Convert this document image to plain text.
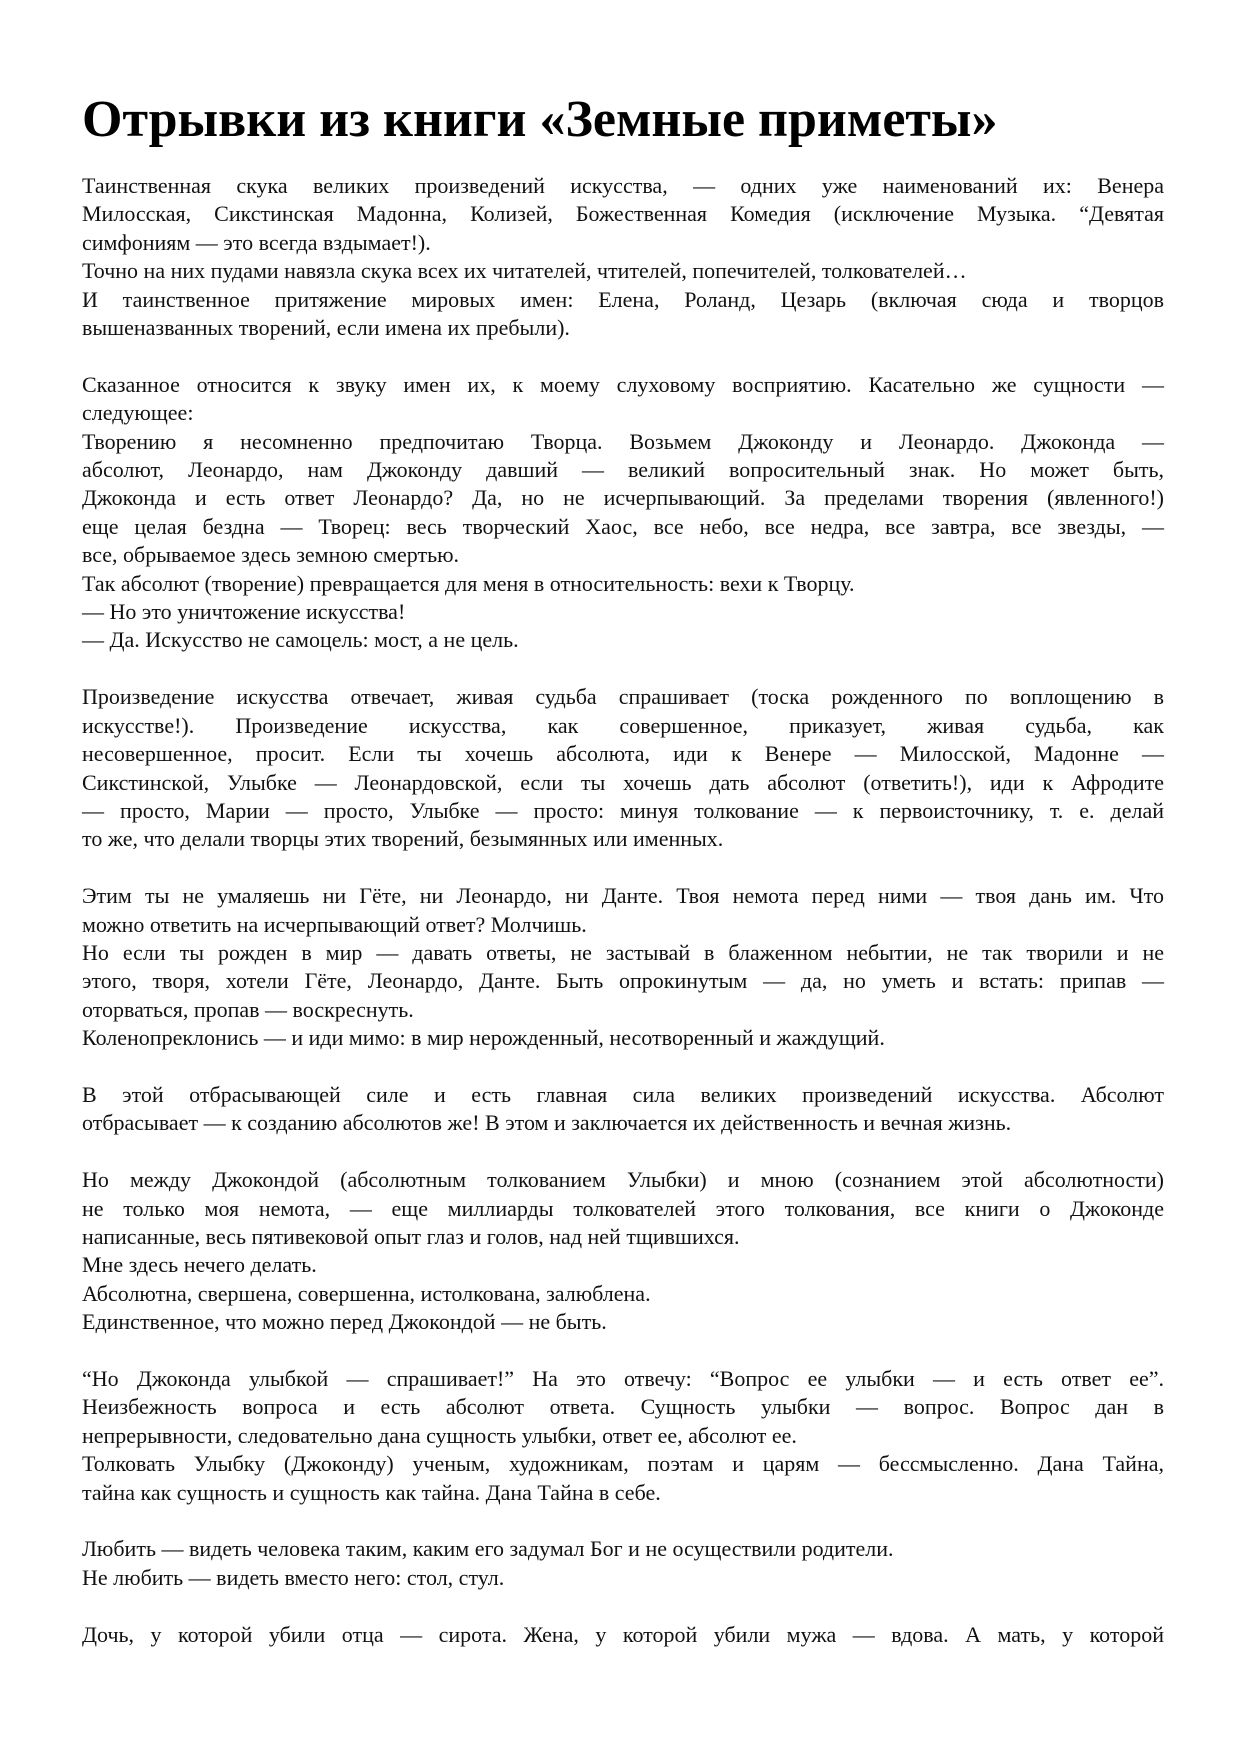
Отрывки из книги «Земные приметы»
Таинственная скука великих произведений искусства, — одних уже наименований их: Венера
Милосская, Сикстинская Мадонна, Колизей, Божественная Комедия (исключение Музыка. “Девятая
симфониям — это всегда вздымает!).
Точно на них пудами навязла скука всех их читателей, чтителей, попечителей, толкователей…
И таинственное притяжение мировых имен: Елена, Роланд, Цезарь (включая сюда и творцов
вышеназванных творений, если имена их пребыли).
Сказанное относится к звуку имен их, к моему слуховому восприятию. Касательно же сущности —
следующее:
Творению я несомненно предпочитаю Творца. Возьмем Джоконду и Леонардо. Джоконда —
абсолют, Леонардо, нам Джоконду давший — великий вопросительный знак. Но может быть,
Джоконда и есть ответ Леонардо? Да, но не исчерпывающий. За пределами творения (явленного!)
еще целая бездна — Творец: весь творческий Хаос, все небо, все недра, все завтра, все звезды, —
все, обрываемое здесь земною смертью.
Так абсолют (творение) превращается для меня в относительность: вехи к Творцу.
— Но это уничтожение искусства!
— Да. Искусство не самоцель: мост, а не цель.
Произведение искусства отвечает, живая судьба спрашивает (тоска рожденного по воплощению в
искусстве!). Произведение искусства, как совершенное, приказует, живая судьба, как
несовершенное, просит. Если ты хочешь абсолюта, иди к Венере — Милосской, Мадонне —
Сикстинской, Улыбке — Леонардовской, если ты хочешь дать абсолют (ответить!), иди к Афродите
— просто, Марии — просто, Улыбке — просто: минуя толкование — к первоисточнику, т. е. делай
то же, что делали творцы этих творений, безымянных или именных.
Этим ты не умаляешь ни Гёте, ни Леонардо, ни Данте. Твоя немота перед ними — твоя дань им. Что
можно ответить на исчерпывающий ответ? Молчишь.
Но если ты рожден в мир — давать ответы, не застывай в блаженном небытии, не так творили и не
этого, творя, хотели Гёте, Леонардо, Данте. Быть опрокинутым — да, но уметь и встать: припав —
оторваться, пропав — воскреснуть.
Коленопреклонись — и иди мимо: в мир нерожденный, несотворенный и жаждущий.
В этой отбрасывающей силе и есть главная сила великих произведений искусства. Абсолют
отбрасывает — к созданию абсолютов же! В этом и заключается их действенность и вечная жизнь.
Но между Джокондой (абсолютным толкованием Улыбки) и мною (сознанием этой абсолютности)
не только моя немота, — еще миллиарды толкователей этого толкования, все книги о Джоконде
написанные, весь пятивековой опыт глаз и голов, над ней тщившихся.
Мне здесь нечего делать.
Абсолютна, свершена, совершенна, истолкована, залюблена.
Единственное, что можно перед Джокондой — не быть.
“Но Джоконда улыбкой — спрашивает!” На это отвечу: “Вопрос ее улыбки — и есть ответ ее”.
Неизбежность вопроса и есть абсолют ответа. Сущность улыбки — вопрос. Вопрос дан в
непрерывности, следовательно дана сущность улыбки, ответ ее, абсолют ее.
Толковать Улыбку (Джоконду) ученым, художникам, поэтам и царям — бессмысленно. Дана Тайна,
тайна как сущность и сущность как тайна. Дана Тайна в себе.
Любить — видеть человека таким, каким его задумал Бог и не осуществили родители.
Не любить — видеть вместо него: стол, стул.
Дочь, у которой убили отца — сирота. Жена, у которой убили мужа — вдова. А мать, у которой
